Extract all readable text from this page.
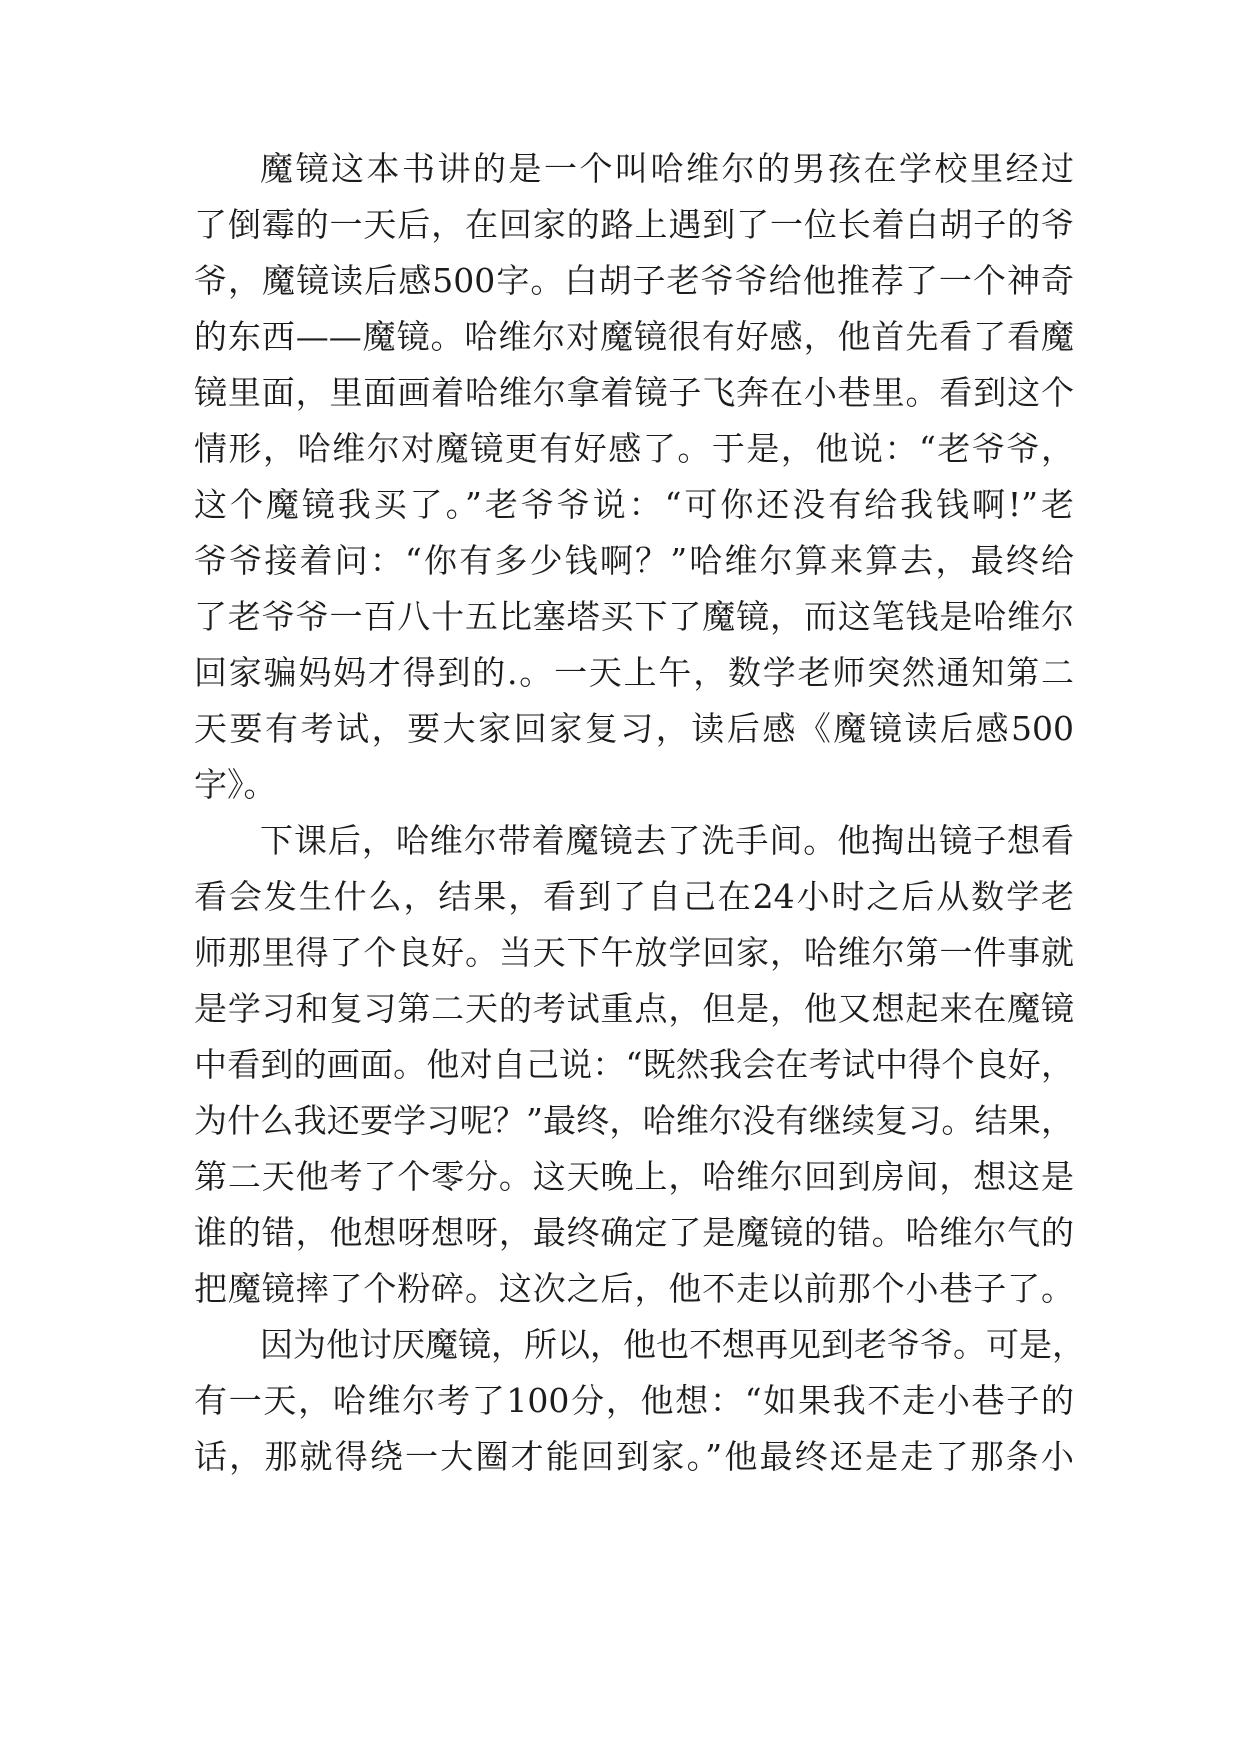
魔镜这本书讲的是一个叫哈维尔的男孩在学校里经过
了倒霉的一天后，在回家的路上遇到了一位长着白胡子的爷
爷，魔镜读后感500字。白胡子老爷爷给他推荐了一个神奇
的东西——魔镜。哈维尔对魔镜很有好感，他首先看了看魔
镜里面，里面画着哈维尔拿着镜子飞奔在小巷里。看到这个
情形，哈维尔对魔镜更有好感了。于是，他说：“老爷爷，
这个魔镜我买了。”老爷爷说：“可你还没有给我钱啊!”老
爷爷接着问：“你有多少钱啊？”哈维尔算来算去，最终给
了老爷爷一百八十五比塞塔买下了魔镜，而这笔钱是哈维尔
回家骗妈妈才得到的.。一天上午，数学老师突然通知第二
天要有考试，要大家回家复习，读后感《魔镜读后感500
字》。
下课后，哈维尔带着魔镜去了洗手间。他掏出镜子想看
看会发生什么，结果，看到了自己在24小时之后从数学老
师那里得了个良好。当天下午放学回家，哈维尔第一件事就
是学习和复习第二天的考试重点，但是，他又想起来在魔镜
中看到的画面。他对自己说：“既然我会在考试中得个良好，
为什么我还要学习呢？”最终，哈维尔没有继续复习。结果，
第二天他考了个零分。这天晚上，哈维尔回到房间，想这是
谁的错，他想呀想呀，最终确定了是魔镜的错。哈维尔气的
把魔镜摔了个粉碎。这次之后，他不走以前那个小巷子了。
因为他讨厌魔镜，所以，他也不想再见到老爷爷。可是，
有一天，哈维尔考了100分，他想：“如果我不走小巷子的
话，那就得绕一大圈才能回到家。”他最终还是走了那条小
